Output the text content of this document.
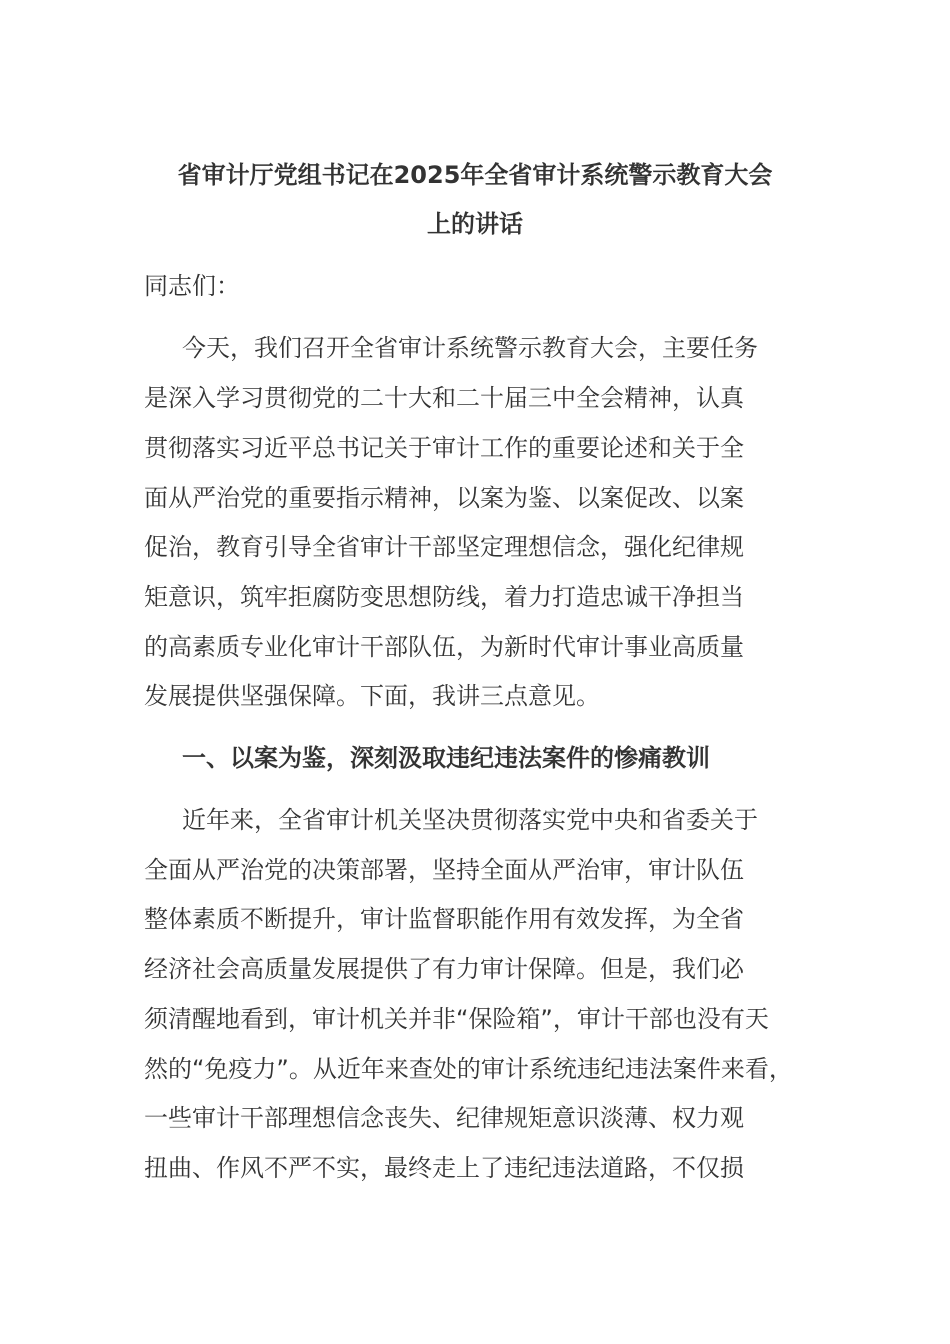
省审计厅党组书记在2025年全省审计系统警示教育大会
上的讲话
同志们：
今天，我们召开全省审计系统警示教育大会，主要任务
是深入学习贯彻党的二十大和二十届三中全会精神，认真
贯彻落实习近平总书记关于审计工作的重要论述和关于全
面从严治党的重要指示精神，以案为鉴、以案促改、以案
促治，教育引导全省审计干部坚定理想信念，强化纪律规
矩意识，筑牢拒腐防变思想防线，着力打造忠诚干净担当
的高素质专业化审计干部队伍，为新时代审计事业高质量
发展提供坚强保障。下面，我讲三点意见。
一、以案为鉴，深刻汲取违纪违法案件的惨痛教训
近年来，全省审计机关坚决贯彻落实党中央和省委关于
全面从严治党的决策部署，坚持全面从严治审，审计队伍
整体素质不断提升，审计监督职能作用有效发挥，为全省
经济社会高质量发展提供了有力审计保障。但是，我们必
须清醒地看到，审计机关并非“保险箱”，审计干部也没有天
然的“免疫力”。从近年来查处的审计系统违纪违法案件来看，
一些审计干部理想信念丧失、纪律规矩意识淡薄、权力观
扭曲、作风不严不实，最终走上了违纪违法道路，不仅损
